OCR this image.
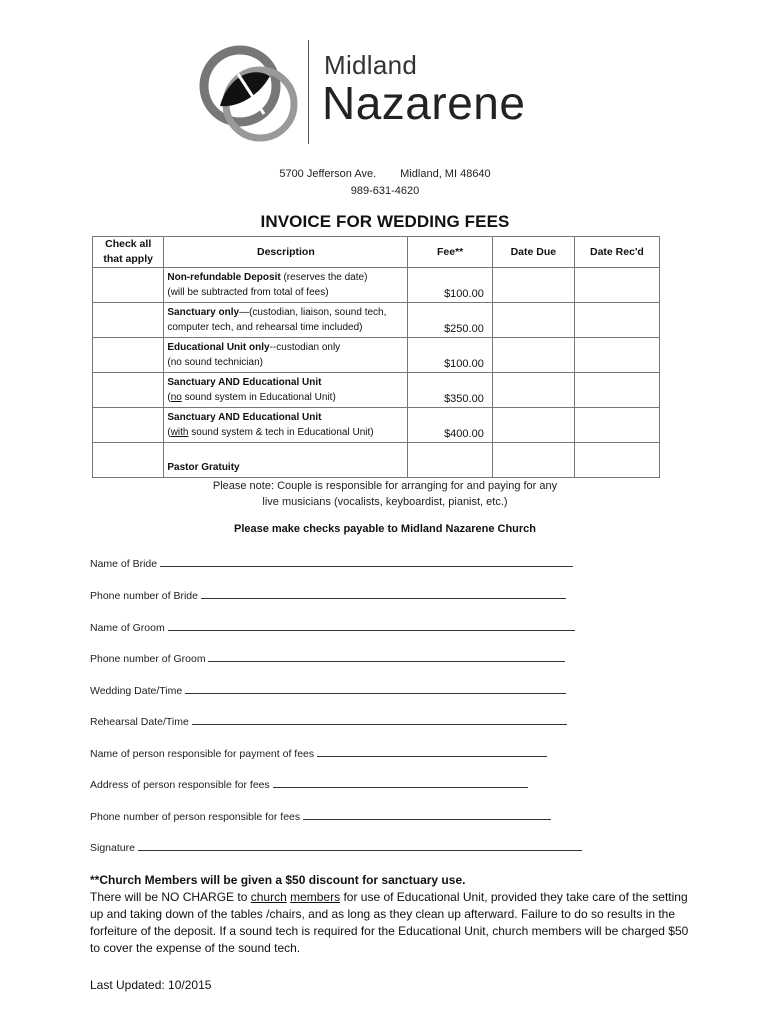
Midland
Nazarene
5700 Jefferson Ave. Midland, MI 48640
989-631-4620
INVOICE FOR WEDDING FEES
Check all
that apply	Description	Fee**	Date Due	Date Rec'd

	Non-refundable Deposit (reserves the date)
(will be subtracted from total of fees)	$100.00		

	Sanctuary only—(custodian, liaison, sound tech,
computer tech, and rehearsal time included)	$250.00		

	Educational Unit only--custodian only
(no sound technician)	$100.00		

	Sanctuary AND Educational Unit
(no sound system in Educational Unit)	$350.00		

	Sanctuary AND Educational Unit
(with sound system & tech in Educational Unit)	$400.00		
	Pastor Gratuity			
Please note: Couple is responsible for arranging for and paying for any
live musicians (vocalists, keyboardist, pianist, etc.)
Please make checks payable to Midland Nazarene Church
Name of Bride
Phone number of Bride
Name of Groom
Phone number of Groom
Wedding Date/Time
Rehearsal Date/Time
Name of person responsible for payment of fees
Address of person responsible for fees
Phone number of person responsible for fees
Signature
**Church Members will be given a $50 discount for sanctuary use.
There will be NO CHARGE to church members for use of Educational Unit, provided they take care of the setting up and taking down of the tables /chairs, and as long as they clean up afterward. Failure to do so results in the forfeiture of the deposit. If a sound tech is required for the Educational Unit, church members will be charged $50 to cover the expense of the sound tech.
Last Updated: 10/2015
